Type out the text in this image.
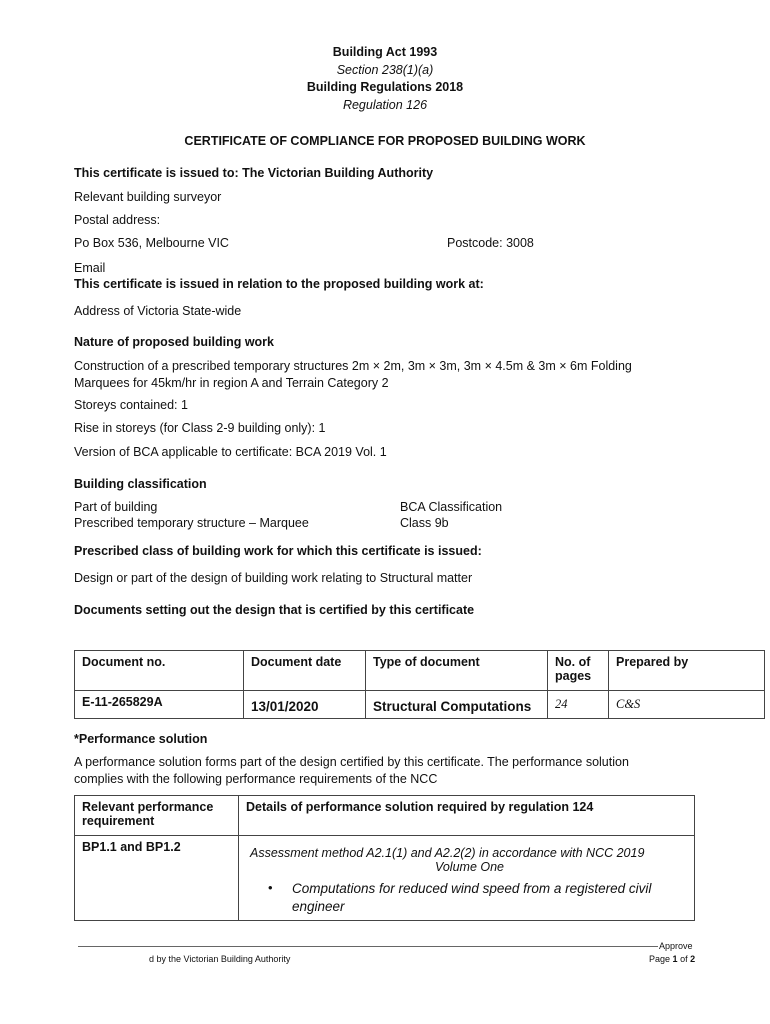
Building Act 1993
Section 238(1)(a)
Building Regulations 2018
Regulation 126
CERTIFICATE OF COMPLIANCE FOR PROPOSED BUILDING WORK
This certificate is issued to: The Victorian Building Authority
Relevant building surveyor
Postal address:
Po Box 536, Melbourne VIC	Postcode: 3008
Email
This certificate is issued in relation to the proposed building work at:
Address of Victoria State-wide
Nature of proposed building work
Construction of a prescribed temporary structures 2m × 2m, 3m × 3m, 3m × 4.5m & 3m × 6m Folding
Marquees for 45km/hr in region A and Terrain Category 2
Storeys contained: 1
Rise in storeys (for Class 2-9 building only): 1
Version of BCA applicable to certificate: BCA 2019 Vol. 1
Building classification
Part of building	BCA Classification
Prescribed temporary structure – Marquee	Class 9b
Prescribed class of building work for which this certificate is issued:
Design or part of the design of building work relating to Structural matter
Documents setting out the design that is certified by this certificate
Document no.	Document date	Type of document	No. of pages	Prepared by
E-11-265829A	13/01/2020	Structural Computations	24	C&S
*Performance solution
A performance solution forms part of the design certified by this certificate. The performance solution
complies with the following performance requirements of the NCC
Relevant performance requirement	Details of performance solution required by regulation 124
BP1.1 and BP1.2	Assessment method A2.1(1) and A2.2(2) in accordance with NCC 2019
Volume One
• Computations for reduced wind speed from a registered civil engineer
Approve
d by the Victorian Building Authority	Page 1 of 2
